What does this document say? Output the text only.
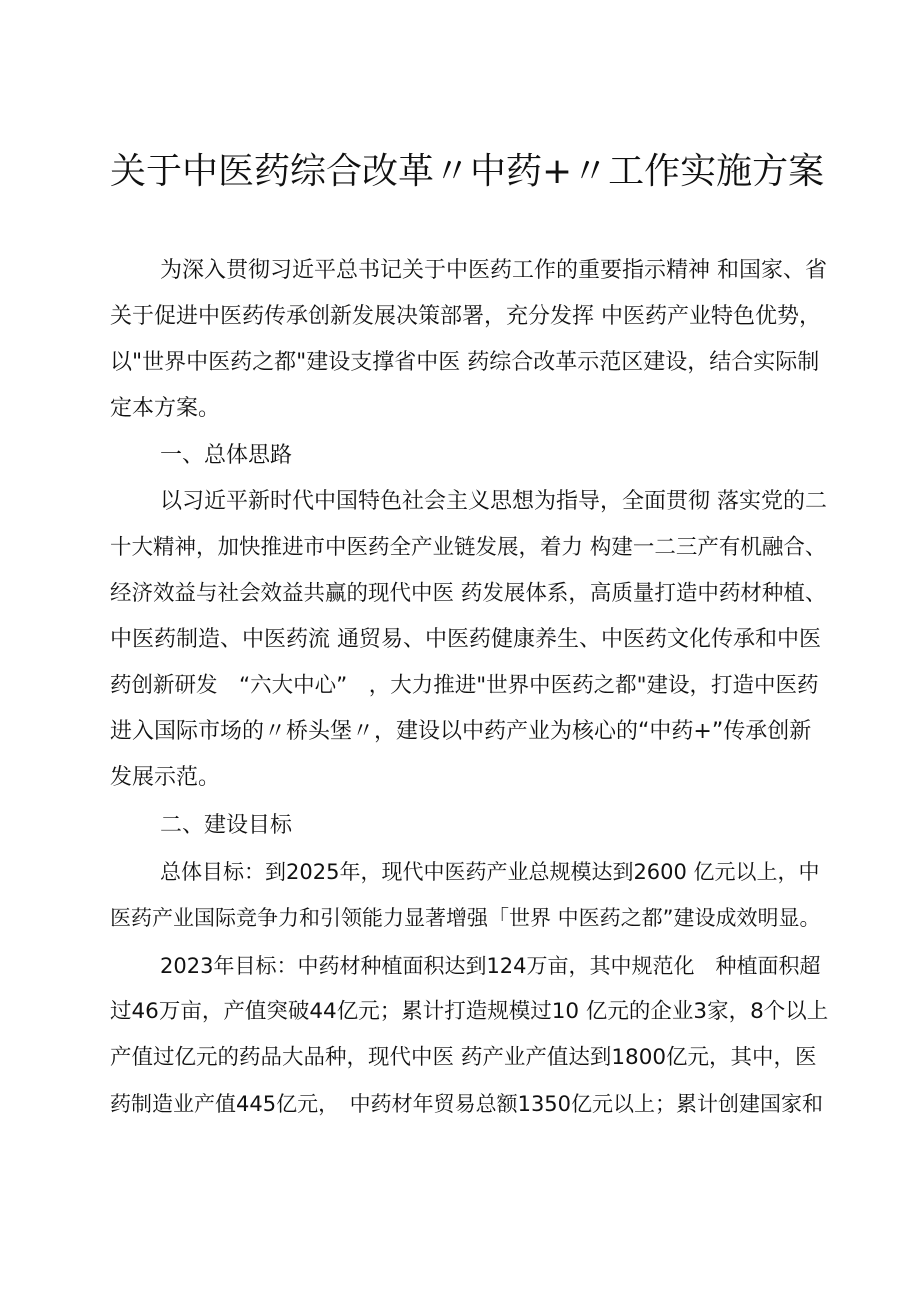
关于中医药综合改革〃中药+〃工作实施方案

为深入贯彻习近平总书记关于中医药工作的重要指示精神 和国家、省

关于促进中医药传承创新发展决策部署，充分发挥 中医药产业特色优势，

以"世界中医药之都"建设支撑省中医 药综合改革示范区建设，结合实际制

定本方案。

一、总体思路

以习近平新时代中国特色社会主义思想为指导，全面贯彻 落实党的二

十大精神，加快推进市中医药全产业链发展，着力 构建一二三产有机融合、

经济效益与社会效益共赢的现代中医 药发展体系，高质量打造中药材种植、

中医药制造、中医药流 通贸易、中医药健康养生、中医药文化传承和中医

药创新研发　“六大中心”　，大力推进"世界中医药之都"建设，打造中医药

进入国际市场的〃桥头堡〃，建设以中药产业为核心的“中药+”传承创新

发展示范。

二、建设目标

总体目标：到2025年，现代中医药产业总规模达到2600 亿元以上，中

医药产业国际竞争力和引领能力显著增强「世界 中医药之都”建设成效明显。

2023年目标：中药材种植面积达到124万亩，其中规范化　种植面积超

过46万亩，产值突破44亿元；累计打造规模过10 亿元的企业3家，8个以上

产值过亿元的药品大品种，现代中医 药产业产值达到1800亿元，其中，医

药制造业产值445亿元，　中药材年贸易总额1350亿元以上；累计创建国家和
